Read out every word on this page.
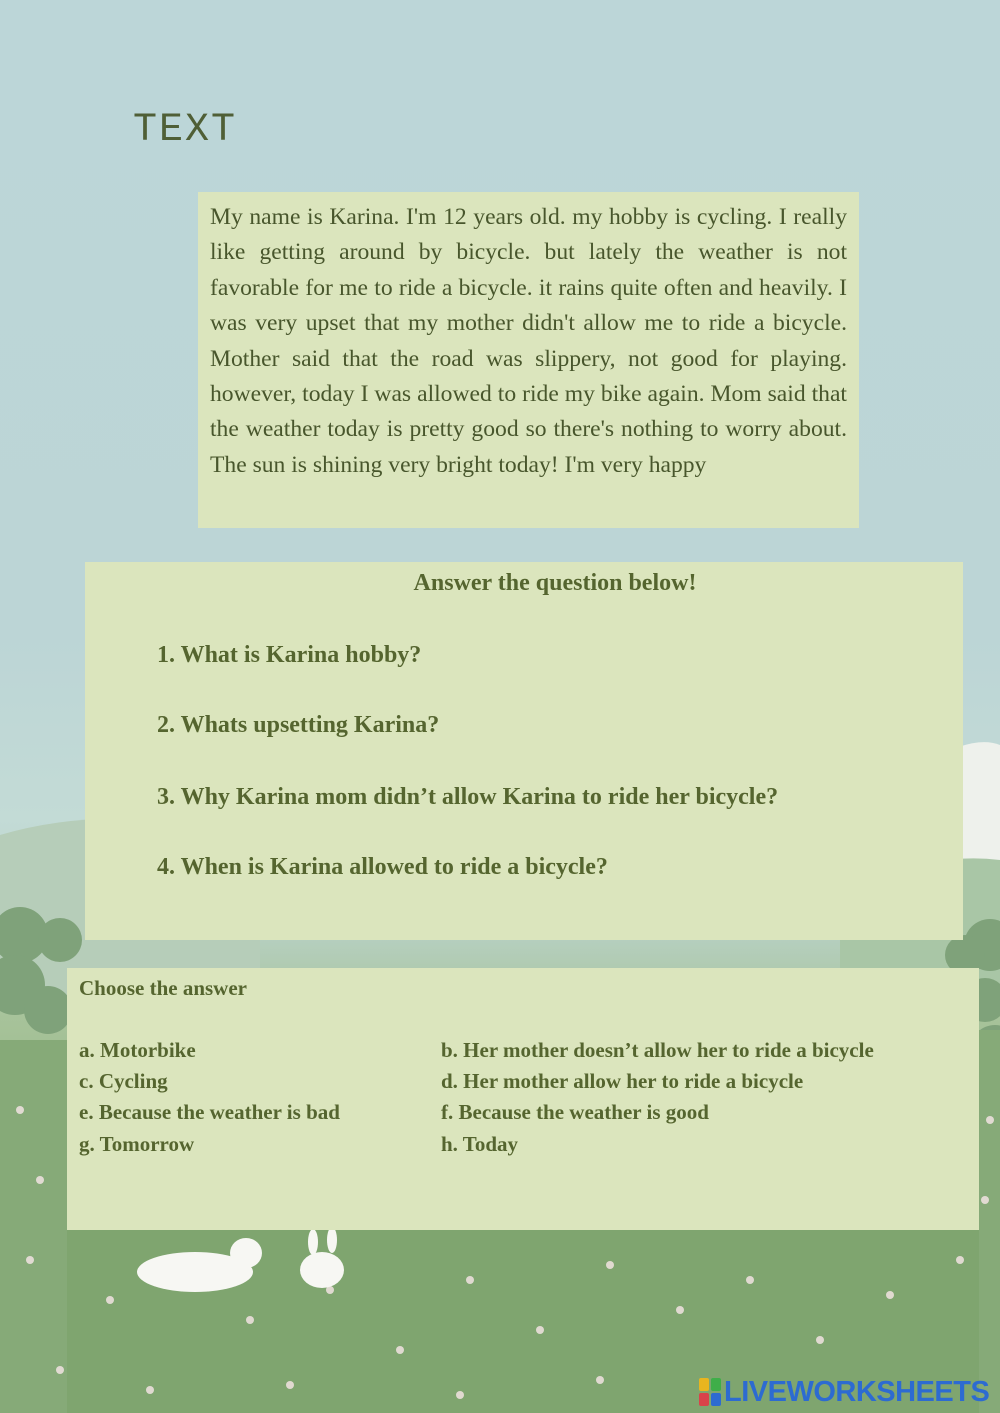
TEXT

My name is Karina. I'm 12 years old. my hobby is cycling. I really like getting around by bicycle. but lately the weather is not favorable for me to ride a bicycle. it rains quite often and heavily. I was very upset that my mother didn't allow me to ride a bicycle. Mother said that the road was slippery, not good for playing. however, today I was allowed to ride my bike again. Mom said that the weather today is pretty good so there's nothing to worry about. The sun is shining very bright today! I'm very happy

Answer the question below!
1. What is Karina hobby?
2. Whats upsetting Karina?
3. Why Karina mom didn’t allow Karina to ride her bicycle?
4. When is Karina allowed to ride a bicycle?
Choose the answer
a. Motorbike	b. Her mother doesn’t allow her to ride a bicycle
c. Cycling	d. Her mother allow her to ride a bicycle
e. Because the weather is bad	f. Because the weather is good
g. Tomorrow	h. Today
LIVEWORKSHEETS
